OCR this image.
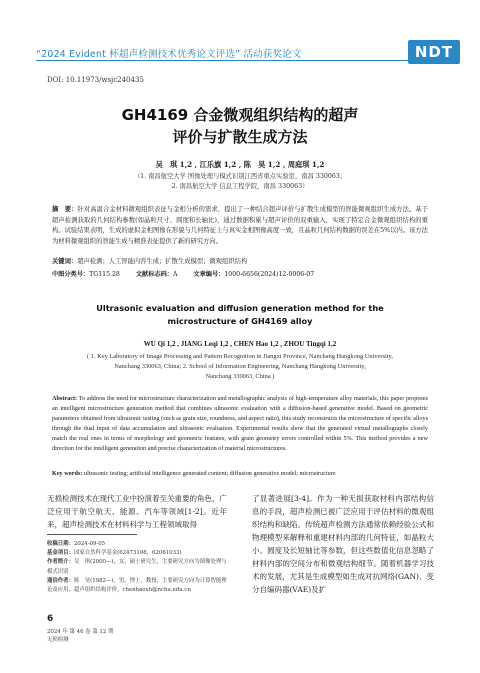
“2024 Evident 杯超声检测技术优秀论文评选” 活动获奖论文	NDT
DOI: 10.11973/wsjc240435
GH4169 合金微观组织结构的超声
评价与扩散生成方法
吴　琪 1,2 , 江乐旗 1,2 , 陈　昊 1,2 , 周庭琪 1,2
（1. 南昌航空大学 图像处理与模式识别江西省重点实验室，南昌 330063；
2. 南昌航空大学 信息工程学院，南昌 330063）
摘　要：针对高温合金材料微观组织表征与金相分析的需求，提出了一种结合超声评价与扩散生成模型的智能微观组织生成方法。基于超声检测获取的几何结构参数(如晶粒尺寸、圆度和长轴比)，通过数据积累与超声评价的双重输入，实现了特定合金微观组织结构的重构。试验结果表明，生成的虚拟金相图像在形貌与几何特征上与真实金相图像高度一致，且晶粒几何结构数据的误差在5%以内。该方法为材料微观组织的智能生成与精准表征提供了新的研究方向。
关键词：超声检测；人工智能内容生成；扩散生成模型；微观组织结构
中图分类号：TG115.28	文献标志码：A	文章编号：1000-6656(2024)12-0006-07
Ultrasonic evaluation and diffusion generation method for the
microstructure of GH4169 alloy
WU Qi 1,2 , JIANG Leqi 1,2 , CHEN Hao 1,2 , ZHOU Tingqi 1,2
( 1. Key Laboratory of Image Processing and Pattern Recognition in Jiangxi Province, Nanchang Hangkong University,
Nanchang 330063, China; 2. School of Information Engineering, Nanchang Hangkong University,
Nanchang 330063, China )
Abstract: To address the need for microstructure characterization and metallographic analysis of high-temperature alloy materials, this paper proposes an intelligent microstructure generation method that combines ultrasonic evaluation with a diffusion-based generative model. Based on geometric parameters obtained from ultrasonic testing (such as grain size, roundness, and aspect ratio), this study reconstructs the microstructure of specific alloys through the dual input of data accumulation and ultrasonic evaluation. Experimental results show that the generated virtual metallographs closely match the real ones in terms of morphology and geometric features, with grain geometry errors controlled within 5%. This method provides a new direction for the intelligent generation and precise characterization of material microstructures.
Key words: ultrasonic testing; artificial intelligence generated content; diffusion generative model; microstructure
无损检测技术在现代工业中扮演着至关重要的角色，广泛应用于航空航天、能源、汽车等领域[1-2]。近年来，超声检测技术在材料科学与工程领域取得
了显著进展[3-4]。作为一种无损获取材料内部结构信息的手段，超声检测已被广泛应用于评估材料的微观组织结构和缺陷。传统超声检测方法通常依赖经验公式和物理模型来解释和重建材料内部的几何特征，如晶粒大小、圆度及长短轴比等参数，但这些数值化信息忽略了材料内部的空间分布和微观结构细节。随着机器学习技术的发展，尤其是生成模型如生成对抗网络(GAN)、变分自编码器(VAE)及扩
收稿日期：2024-09-05
基金项目：国家自然科学基金(62473198，62061033)
作者简介：吴　琪(2000—)，女，硕士研究生，主要研究方向为图像处理与模式识别
通信作者：陈　昊(1982—)，男，博士，教授，主要研究方向为计算智能理论及应用、超声组织结构评价，chenhaoxh@nchu.edu.cn
6
2024 年 第 46 卷 第 12 期
无损检测
